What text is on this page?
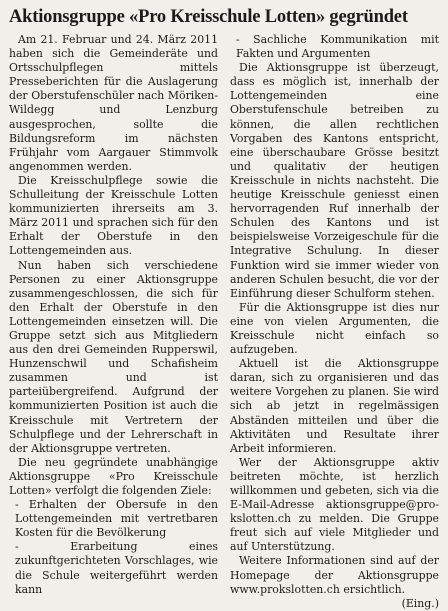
Aktionsgruppe «Pro Kreisschule Lotten» gegründet

Am 21. Februar und 24. März 2011 haben sich die Gemeinderäte und Ortsschulpflegen mittels Presseberichten für die Auslagerung der Oberstufenschüler nach Möriken-Wildegg und Lenzburg ausgesprochen, sollte die Bildungsreform im nächsten Frühjahr vom Aargauer Stimmvolk angenommen werden.

Die Kreisschulpflege sowie die Schulleitung der Kreisschule Lotten kommunizierten ihrerseits am 3. März 2011 und sprachen sich für den Erhalt der Oberstufe in den Lottengemeinden aus.

Nun haben sich verschiedene Personen zu einer Aktionsgruppe zusammengeschlossen, die sich für den Erhalt der Oberstufe in den Lottengemeinden einsetzen will. Die Gruppe setzt sich aus Mitgliedern aus den drei Gemeinden Rupperswil, Hunzenschwil und Schafisheim zusammen und ist parteiübergreifend. Aufgrund der kommunizierten Position ist auch die Kreisschule mit Vertretern der Schulpflege und der Lehrerschaft in der Aktionsgruppe vertreten.

Die neu gegründete unabhängige Aktionsgruppe «Pro Kreisschule Lotten» verfolgt die folgenden Ziele:

- Erhalten der Obersufe in den Lottengemeinden mit vertretbaren Kosten für die Bevölkerung

- Erarbeitung eines zukunftgerichteten Vorschlages, wie die Schule weitergeführt werden kann

- Sachliche Kommunikation mit Fakten und Argumenten

Die Aktionsgruppe ist überzeugt, dass es möglich ist, innerhalb der Lottengemeinden eine Oberstufenschule betreiben zu können, die allen rechtlichen Vorgaben des Kantons entspricht, eine überschaubare Grösse besitzt und qualitativ der heutigen Kreisschule in nichts nachsteht. Die heutige Kreisschule geniesst einen hervorragenden Ruf innerhalb der Schulen des Kantons und ist beispielsweise Vorzeigeschule für die Integrative Schulung. In dieser Funktion wird sie immer wieder von anderen Schulen besucht, die vor der Einführung dieser Schulform stehen.

Für die Aktionsgruppe ist dies nur eine von vielen Argumenten, die Kreisschule nicht einfach so aufzugeben.

Aktuell ist die Aktionsgruppe daran, sich zu organisieren und das weitere Vorgehen zu planen. Sie wird sich ab jetzt in regelmässigen Abständen mitteilen und über die Aktivitäten und Resultate ihrer Arbeit informieren.

Wer der Aktionsgruppe aktiv beitreten möchte, ist herzlich willkommen und gebeten, sich via die E-Mail-Adresse aktionsgruppe@pro-kslotten.ch zu melden. Die Gruppe freut sich auf viele Mitglieder und auf Unterstützung.

Weitere Informationen sind auf der Homepage der Aktionsgruppe www.prokslotten.ch ersichtlich.

(Eing.)
